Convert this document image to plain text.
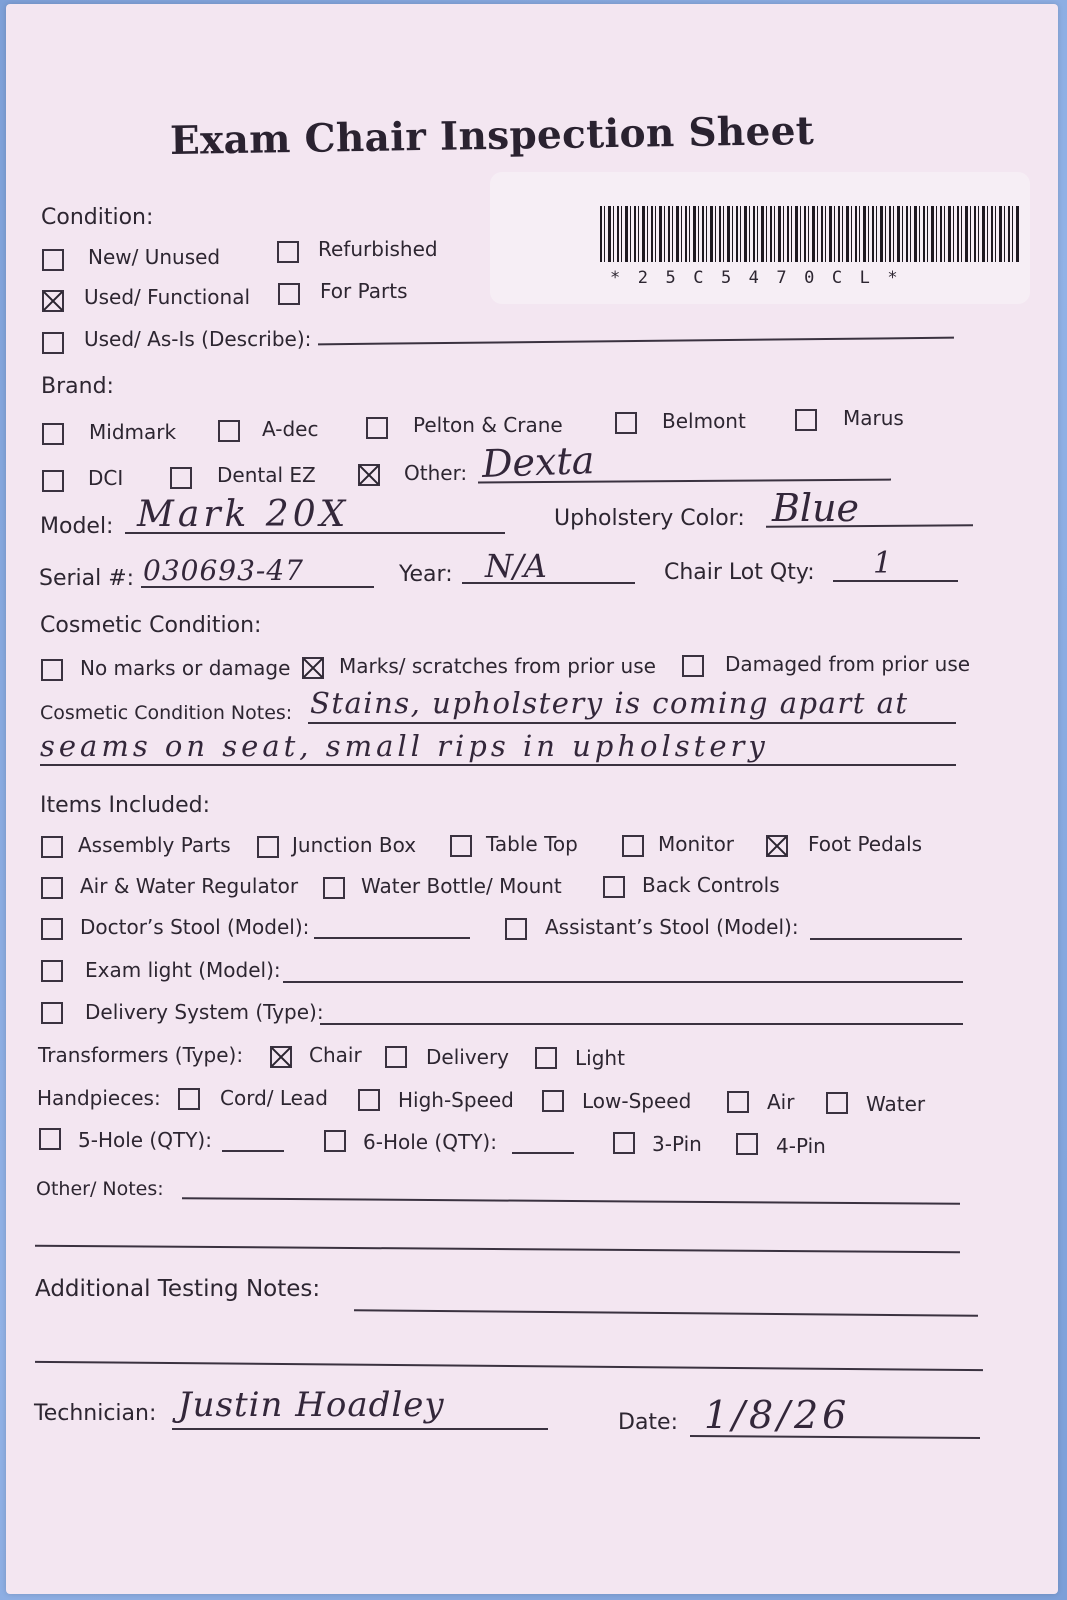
Exam Chair Inspection Sheet
*25C5470CL*
Condition:
New/ Unused	Refurbished
Used/ Functional	For Parts
Used/ As-Is (Describe):
Brand:
Midmark	A-dec	Pelton & Crane	Belmont	Marus
DCI	Dental EZ	Other: Dexta
Model: Mark 20X	Upholstery Color: Blue
Serial #: 030693-47	Year: N/A	Chair Lot Qty: 1
Cosmetic Condition:
No marks or damage Marks/ scratches from prior use	Damaged from prior use
Cosmetic Condition Notes: Stains, upholstery is coming apart at
seams on seat, small rips in upholstery
Items Included:
Assembly Parts	Junction Box	Table Top	Monitor	Foot Pedals
Air & Water Regulator	Water Bottle/ Mount	Back Controls
Doctor’s Stool (Model):	Assistant’s Stool (Model):
Exam light (Model):
Delivery System (Type):
Transformers (Type):	Chair	Delivery	Light
Handpieces:	Cord/ Lead	High-Speed	Low-Speed	Air	Water
5-Hole (QTY):	6-Hole (QTY):	3-Pin	4-Pin
Other/ Notes:
Additional Testing Notes:
Technician: Justin Hoadley	Date: 1/8/26
